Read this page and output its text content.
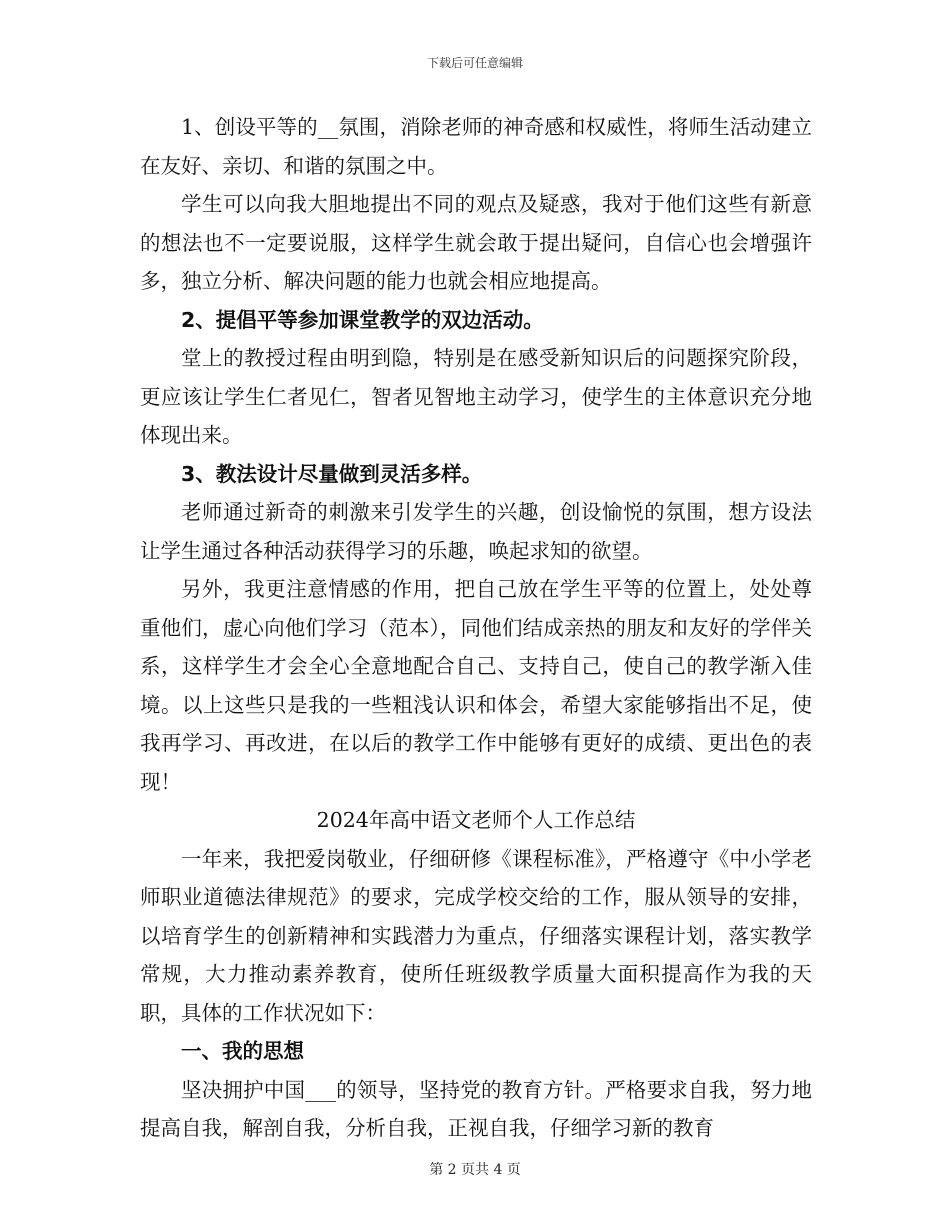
下载后可任意编辑

1、创设平等的__氛围，消除老师的神奇感和权威性，将师生活动建立在友好、亲切、和谐的氛围之中。

学生可以向我大胆地提出不同的观点及疑惑，我对于他们这些有新意的想法也不一定要说服，这样学生就会敢于提出疑问，自信心也会增强许多，独立分析、解决问题的能力也就会相应地提高。

2、提倡平等参加课堂教学的双边活动。

堂上的教授过程由明到隐，特别是在感受新知识后的问题探究阶段，更应该让学生仁者见仁，智者见智地主动学习，使学生的主体意识充分地体现出来。

3、教法设计尽量做到灵活多样。

老师通过新奇的刺激来引发学生的兴趣，创设愉悦的氛围，想方设法让学生通过各种活动获得学习的乐趣，唤起求知的欲望。

另外，我更注意情感的作用，把自己放在学生平等的位置上，处处尊重他们，虚心向他们学习（范本），同他们结成亲热的朋友和友好的学伴关系，这样学生才会全心全意地配合自己、支持自己，使自己的教学渐入佳境。以上这些只是我的一些粗浅认识和体会，希望大家能够指出不足，使我再学习、再改进，在以后的教学工作中能够有更好的成绩、更出色的表现！

2024年高中语文老师个人工作总结

一年来，我把爱岗敬业，仔细研修《课程标准》，严格遵守《中小学老师职业道德法律规范》的要求，完成学校交给的工作，服从领导的安排，以培育学生的创新精神和实践潜力为重点，仔细落实课程计划，落实教学常规，大力推动素养教育，使所任班级教学质量大面积提高作为我的天职，具体的工作状况如下：

一、我的思想

坚决拥护中国___的领导，坚持党的教育方针。严格要求自我，努力地提高自我，解剖自我，分析自我，正视自我，仔细学习新的教育

第 2 页共 4 页
